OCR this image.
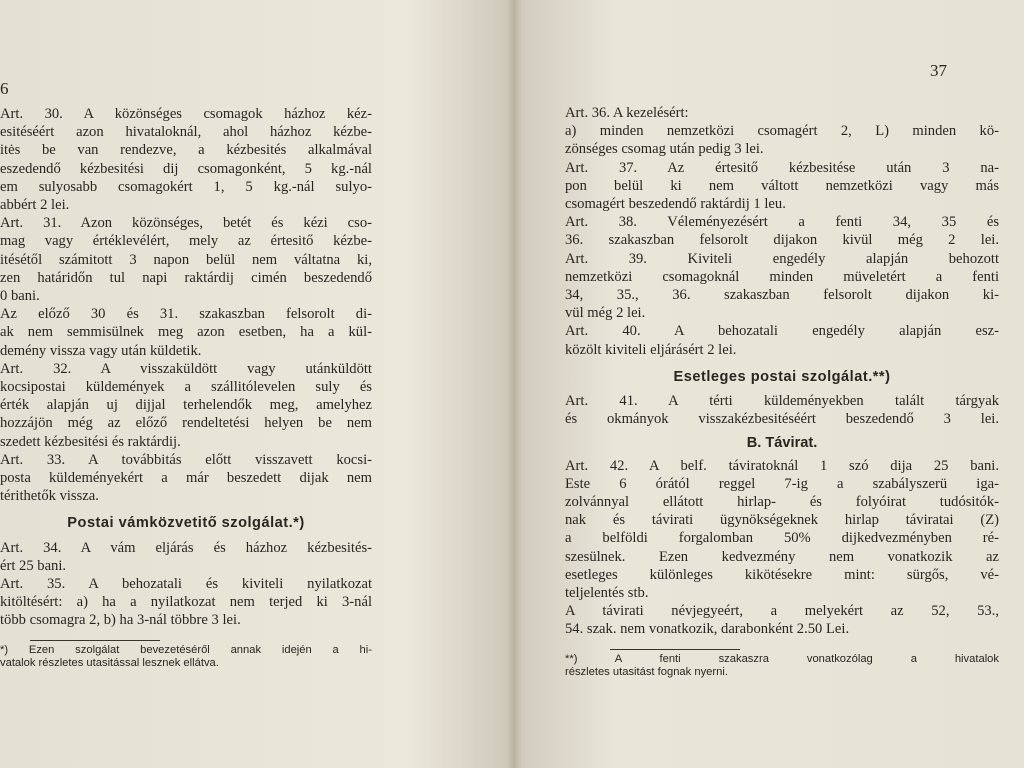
6
Art. 30. A közönséges csomagok házhoz kéz-
esitéséért azon hivataloknál, ahol házhoz kézbe-
itės be van rendezve, a kézbesités alkalmával
eszedendő kézbesitési dij csomagonként, 5 kg.-nál
em sulyosabb csomagokért 1, 5 kg.-nál sulyo-
abbért 2 lei.
Art. 31. Azon közönséges, betét és kézi cso-
mag vagy értéklevélért, mely az értesitő kézbe-
itésétől számitott 3 napon belül nem váltatna ki,
zen határidőn tul napi raktárdij cimén beszedendő
0 bani.
Az előző 30 és 31. szakaszban felsorolt di-
ak nem semmisülnek meg azon esetben, ha a kül-
demény vissza vagy után küldetik.
Art. 32. A visszaküldött vagy utánküldött
kocsipostai küldemények a szállitólevelen suly és
érték alapján uj dijjal terhelendők meg, amelyhez
hozzájön még az előző rendeltetési helyen be nem
szedett kézbesitési és raktárdij.
Art. 33. A továbbitás előtt visszavett kocsi-
posta küldeményekért a már beszedett dijak nem
térithetők vissza.
Postai vámközvetitő szolgálat.*)
Art. 34. A vám eljárás és házhoz kézbesités-
ért 25 bani.
Art. 35. A behozatali és kiviteli nyilatkozat
kitöltésért: a) ha a nyilatkozat nem terjed ki 3-nál
több csomagra 2, b) ha 3-nál többre 3 lei.
*) Ezen szolgálat bevezetéséről annak idején a hi-
vatalok részletes utasitással lesznek ellátva.
37
Art. 36. A kezelésért:
a) minden nemzetközi csomagért 2, L) minden kö-
zönséges csomag után pedig 3 lei.
Art. 37. Az értesitő kézbesitése után 3 na-
pon belül ki nem váltott nemzetközi vagy más
csomagért beszedendő raktárdij 1 leu.
Art. 38. Véleményezésért a fenti 34, 35 és
36. szakaszban felsorolt dijakon kivül még 2 lei.
Art. 39. Kiviteli engedély alapján behozott
nemzetközi csomagoknál minden müveletért a fenti
34, 35., 36. szakaszban felsorolt dijakon ki-
vül még 2 lei.
Art. 40. A behozatali engedély alapján esz-
közölt kiviteli eljárásért 2 lei.
Esetleges postai szolgálat.**)
Art. 41. A térti küldeményekben talált tárgyak
és okmányok visszakézbesitéséért beszedendő 3 lei.
B. Távirat.
Art. 42. A belf. táviratoknál 1 szó dija 25 bani.
Este 6 órától reggel 7-ig a szabályszerü iga-
zolvánnyal ellátott hirlap- és folyóirat tudósitók-
nak és távirati ügynökségeknek hirlap táviratai (Z)
a belföldi forgalomban 50% dijkedvezményben ré-
szesülnek. Ezen kedvezmény nem vonatkozik az
esetleges különleges kikötésekre mint: sürgős, vé-
teljelentés stb.
A távirati névjegyeért, a melyekért az 52, 53.,
54. szak. nem vonatkozik, darabonként 2.50 Lei.
**) A fenti szakaszra vonatkozólag a hivatalok
részletes utasitást fognak nyerni.
